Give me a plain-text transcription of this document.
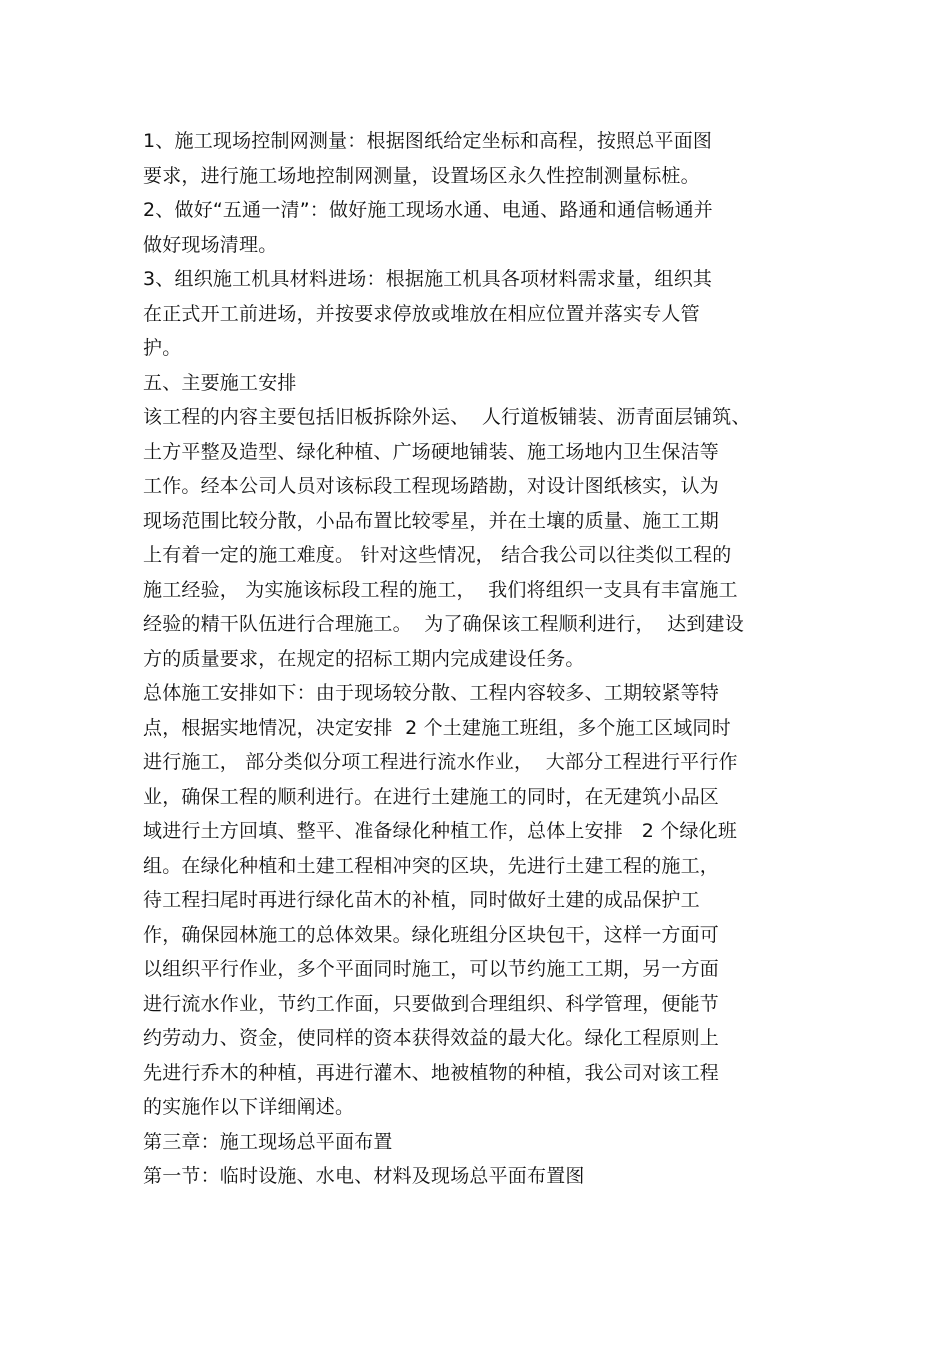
1、施工现场控制网测量：根据图纸给定坐标和高程，按照总平面图
要求，进行施工场地控制网测量，设置场区永久性控制测量标桩。
2、做好“五通一清”：做好施工现场水通、电通、路通和通信畅通并
做好现场清理。
3、组织施工机具材料进场：根据施工机具各项材料需求量，组织其
在正式开工前进场，并按要求停放或堆放在相应位置并落实专人管
护。
五、主要施工安排
该工程的内容主要包括旧板拆除外运、  人行道板铺装、沥青面层铺筑、
土方平整及造型、绿化种植、广场硬地铺装、施工场地内卫生保洁等
工作。经本公司人员对该标段工程现场踏勘，对设计图纸核实，认为
现场范围比较分散，小品布置比较零星，并在土壤的质量、施工工期
上有着一定的施工难度。 针对这些情况， 结合我公司以往类似工程的
施工经验， 为实施该标段工程的施工，  我们将组织一支具有丰富施工
经验的精干队伍进行合理施工。  为了确保该工程顺利进行，  达到建设
方的质量要求，在规定的招标工期内完成建设任务。
总体施工安排如下：由于现场较分散、工程内容较多、工期较紧等特
点，根据实地情况，决定安排  2 个土建施工班组，多个施工区域同时
进行施工， 部分类似分项工程进行流水作业，  大部分工程进行平行作
业，确保工程的顺利进行。在进行土建施工的同时，在无建筑小品区
域进行土方回填、整平、准备绿化种植工作，总体上安排   2 个绿化班
组。在绿化种植和土建工程相冲突的区块，先进行土建工程的施工，
待工程扫尾时再进行绿化苗木的补植，同时做好土建的成品保护工
作，确保园林施工的总体效果。绿化班组分区块包干，这样一方面可
以组织平行作业，多个平面同时施工，可以节约施工工期，另一方面
进行流水作业，节约工作面，只要做到合理组织、科学管理，便能节
约劳动力、资金，使同样的资本获得效益的最大化。绿化工程原则上
先进行乔木的种植，再进行灌木、地被植物的种植，我公司对该工程
的实施作以下详细阐述。
第三章：施工现场总平面布置
第一节：临时设施、水电、材料及现场总平面布置图
